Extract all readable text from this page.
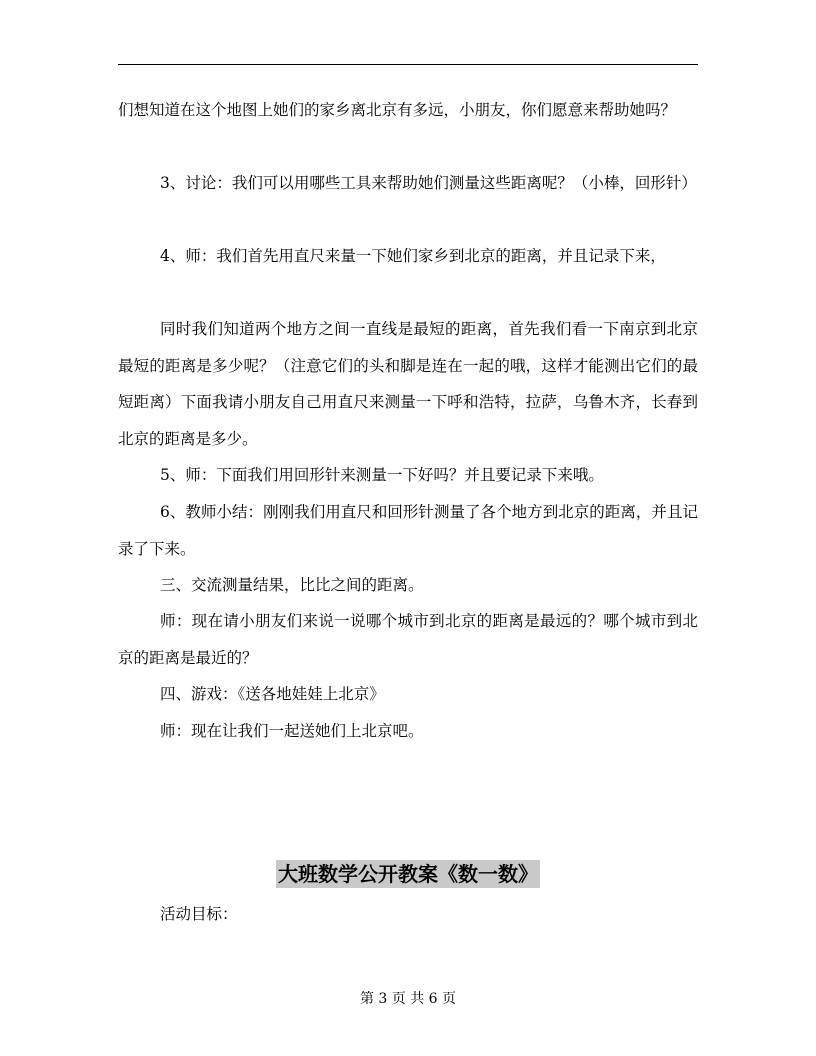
们想知道在这个地图上她们的家乡离北京有多远，小朋友，你们愿意来帮助她吗？

3、讨论：我们可以用哪些工具来帮助她们测量这些距离呢？（小棒，回形针）

4、师：我们首先用直尺来量一下她们家乡到北京的距离，并且记录下来，

同时我们知道两个地方之间一直线是最短的距离，首先我们看一下南京到北京最短的距离是多少呢？（注意它们的头和脚是连在一起的哦，这样才能测出它们的最短距离）下面我请小朋友自己用直尺来测量一下呼和浩特，拉萨，乌鲁木齐，长春到北京的距离是多少。

5、师：下面我们用回形针来测量一下好吗？并且要记录下来哦。

6、教师小结：刚刚我们用直尺和回形针测量了各个地方到北京的距离，并且记录了下来。

三、交流测量结果，比比之间的距离。

师：现在请小朋友们来说一说哪个城市到北京的距离是最远的？哪个城市到北京的距离是最近的？

四、游戏：《送各地娃娃上北京》

师：现在让我们一起送她们上北京吧。

大班数学公开教案《数一数》

活动目标：

第 3 页 共 6 页
